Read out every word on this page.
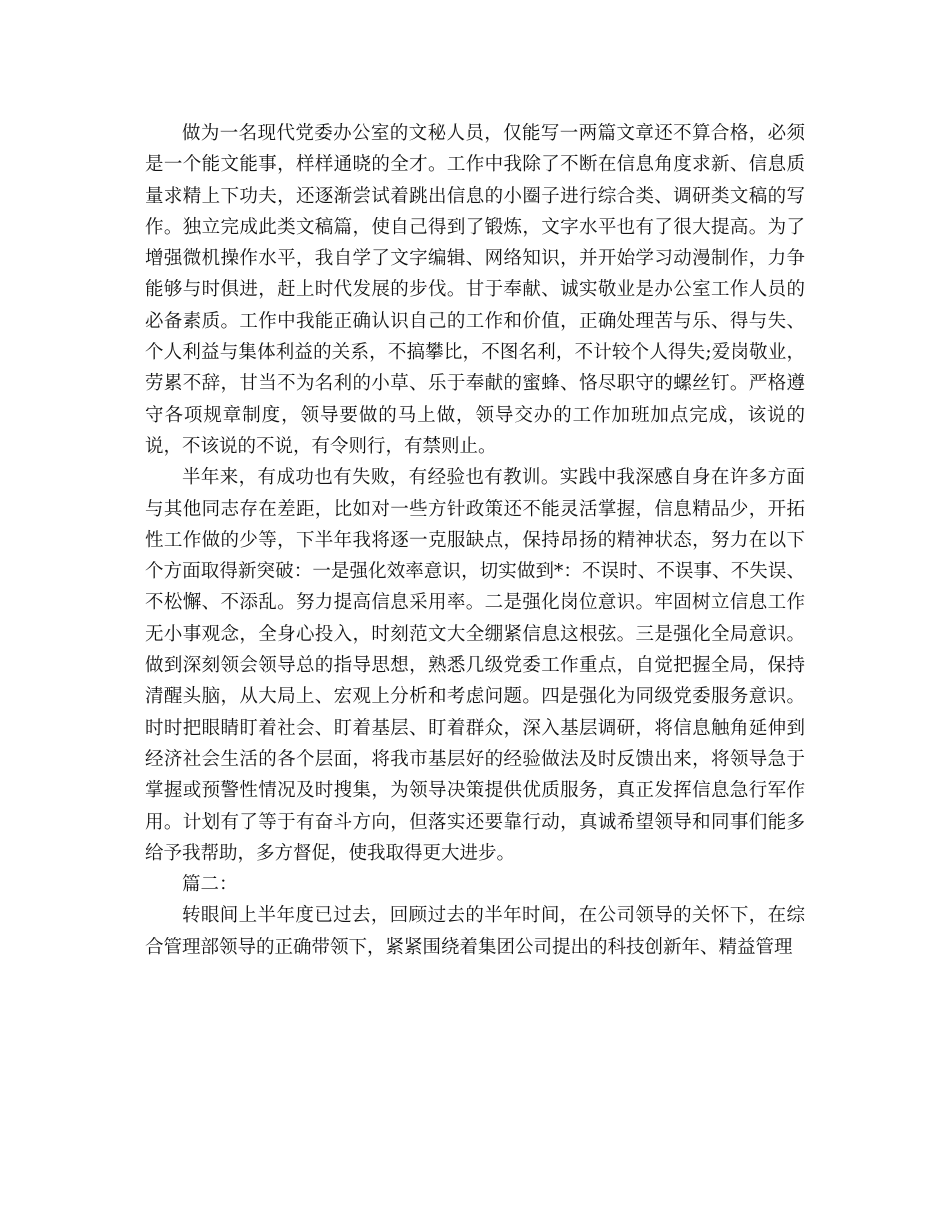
做为一名现代党委办公室的文秘人员，仅能写一两篇文章还不算合格，必须是一个能文能事，样样通晓的全才。工作中我除了不断在信息角度求新、信息质量求精上下功夫，还逐渐尝试着跳出信息的小圈子进行综合类、调研类文稿的写作。独立完成此类文稿篇，使自己得到了锻炼，文字水平也有了很大提高。为了增强微机操作水平，我自学了文字编辑、网络知识，并开始学习动漫制作，力争能够与时俱进，赶上时代发展的步伐。甘于奉献、诚实敬业是办公室工作人员的必备素质。工作中我能正确认识自己的工作和价值，正确处理苦与乐、得与失、个人利益与集体利益的关系，不搞攀比，不图名利，不计较个人得失;爱岗敬业，劳累不辞，甘当不为名利的小草、乐于奉献的蜜蜂、恪尽职守的螺丝钉。严格遵守各项规章制度，领导要做的马上做，领导交办的工作加班加点完成，该说的说，不该说的不说，有令则行，有禁则止。

半年来，有成功也有失败，有经验也有教训。实践中我深感自身在许多方面与其他同志存在差距，比如对一些方针政策还不能灵活掌握，信息精品少，开拓性工作做的少等，下半年我将逐一克服缺点，保持昂扬的精神状态，努力在以下个方面取得新突破：一是强化效率意识，切实做到*：不误时、不误事、不失误、不松懈、不添乱。努力提高信息采用率。二是强化岗位意识。牢固树立信息工作无小事观念，全身心投入，时刻范文大全绷紧信息这根弦。三是强化全局意识。做到深刻领会领导总的指导思想，熟悉几级党委工作重点，自觉把握全局，保持清醒头脑，从大局上、宏观上分析和考虑问题。四是强化为同级党委服务意识。时时把眼睛盯着社会、盯着基层、盯着群众，深入基层调研，将信息触角延伸到经济社会生活的各个层面，将我市基层好的经验做法及时反馈出来，将领导急于掌握或预警性情况及时搜集，为领导决策提供优质服务，真正发挥信息急行军作用。计划有了等于有奋斗方向，但落实还要靠行动，真诚希望领导和同事们能多给予我帮助，多方督促，使我取得更大进步。

篇二：

转眼间上半年度已过去，回顾过去的半年时间，在公司领导的关怀下，在综合管理部领导的正确带领下，紧紧围绕着集团公司提出的科技创新年、精益管理
